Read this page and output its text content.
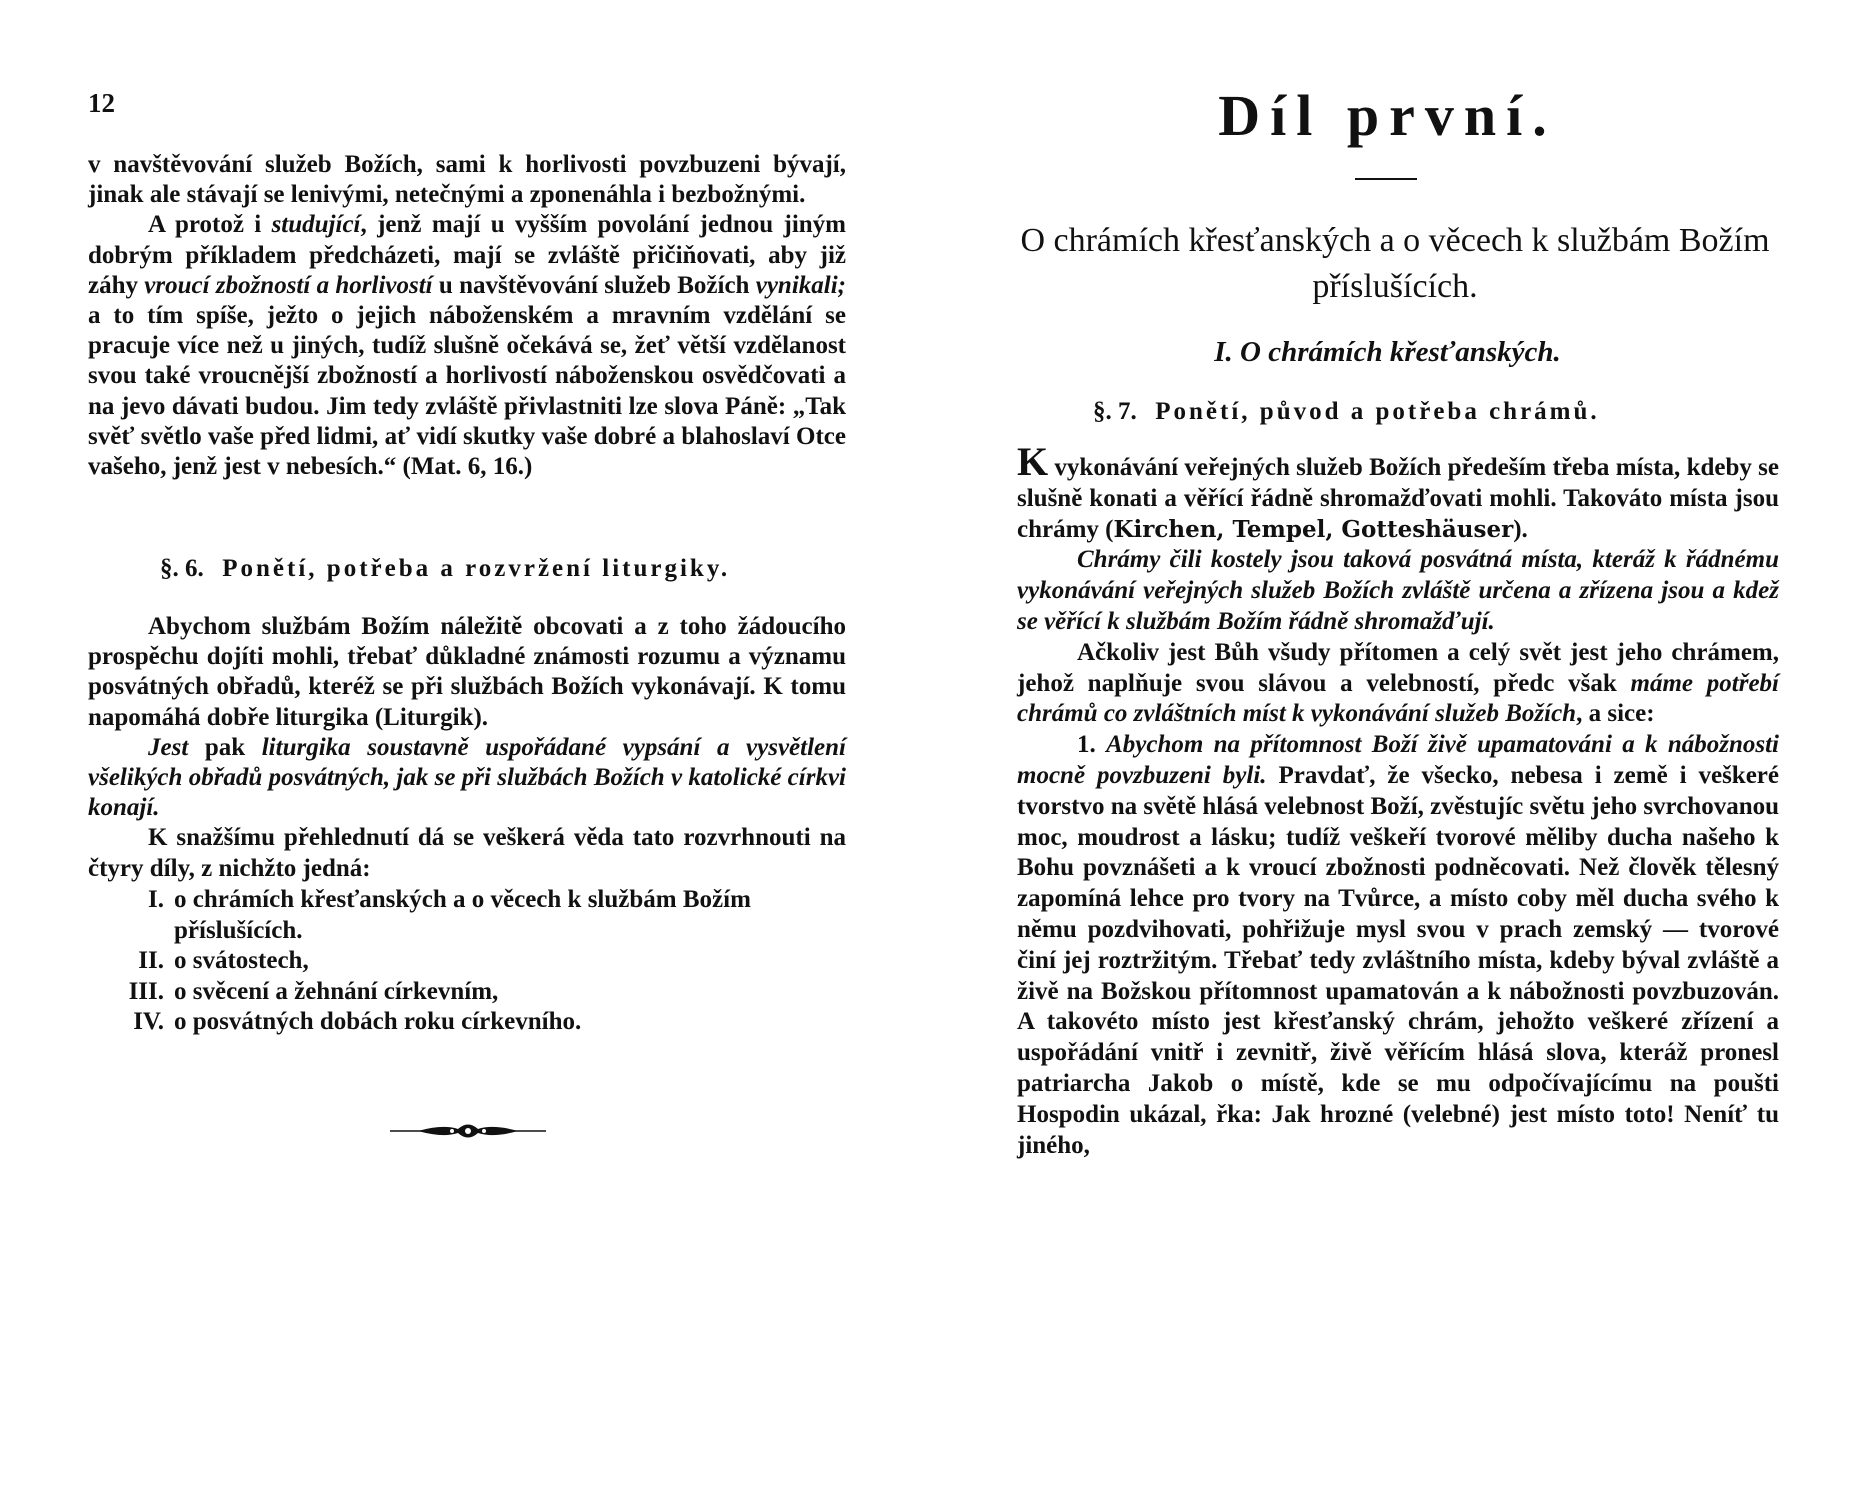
12

v navštěvování služeb Božích, sami k horlivosti povzbuzeni bývají, jinak ale stávají se lenivými, netečnými a zponenáhla i bezbožnými.

A protož i studující, jenž mají u vyšším povolání jednou jiným dobrým příkladem předcházeti, mají se zvláště přičiňovati, aby již záhy vroucí zbožností a horlivostí u navštěvování služeb Božích vynikali; a to tím spíše, ježto o jejich náboženském a mravním vzdělání se pracuje více než u jiných, tudíž slušně očekává se, žeť větší vzdělanost svou také vroucnější zbožností a horlivostí náboženskou osvědčovati a na jevo dávati budou. Jim tedy zvláště přivlastniti lze slova Páně: „Tak svěť světlo vaše před lidmi, ať vidí skutky vaše dobré a blahoslaví Otce vašeho, jenž jest v nebesích.“ (Mat. 6, 16.)

§. 6. Ponětí, potřeba a rozvržení liturgiky.

Abychom službám Božím náležitě obcovati a z toho žádoucího prospěchu dojíti mohli, třebať důkladné známosti rozumu a významu posvátných obřadů, kteréž se při službách Božích vykonávají. K tomu napomáhá dobře liturgika (Liturgik).

Jest pak liturgika soustavně uspořádané vypsání a vysvětlení všelikých obřadů posvátných, jak se při službách Božích v katolické církvi konají.

K snažšímu přehlednutí dá se veškerá věda tato rozvrhnouti na čtyry díly, z nichžto jedná:

I. o chrámích křesťanských a o věcech k službám Božím příslušících.
II. o svátostech,
III. o svěcení a žehnání církevním,
IV. o posvátných dobách roku církevního.
Díl první.
O chrámích křesťanských a o věcech k službám Božím příslušících.
I. O chrámích křesťanských.
§. 7. Ponětí, původ a potřeba chrámů.

K vykonávání veřejných služeb Božích předeším třeba místa, kdeby se slušně konati a věřící řádně shromažďovati mohli. Takováto místa jsou chrámy (Kirchen, Tempel, Gotteshäuser).

Chrámy čili kostely jsou taková posvátná místa, kteráž k řádnému vykonávání veřejných služeb Božích zvláště určena a zřízena jsou a kdež se věřící k službám Božím řádně shromažďují.

Ačkoliv jest Bůh všudy přítomen a celý svět jest jeho chrámem, jehož naplňuje svou slávou a velebností, předc však máme potřebí chrámů co zvláštních míst k vykonávání služeb Božích, a sice:

1. Abychom na přítomnost Boží živě upamatováni a k nábožnosti mocně povzbuzeni byli. Pravdať, že všecko, nebesa i země i veškeré tvorstvo na světě hlásá velebnost Boží, zvěstujíc světu jeho svrchovanou moc, moudrost a lásku; tudíž veškeří tvorové měliby ducha našeho k Bohu povznášeti a k vroucí zbožnosti podněcovati. Než člověk tělesný zapomíná lehce pro tvory na Tvůrce, a místo coby měl ducha svého k němu pozdvihovati, pohřižuje mysl svou v prach zemský — tvorové činí jej roztržitým. Třebať tedy zvláštního místa, kdeby býval zvláště a živě na Božskou přítomnost upamatován a k nábožnosti povzbuzován. A takovéto místo jest křesťanský chrám, jehožto veškeré zřízení a uspořádání vnitř i zevnitř, živě věřícím hlásá slova, kteráž pronesl patriarcha Jakob o místě, kde se mu odpočívajícímu na poušti Hospodin ukázal, řka: Jak hrozné (velebné) jest místo toto! Neníť tu jiného,
